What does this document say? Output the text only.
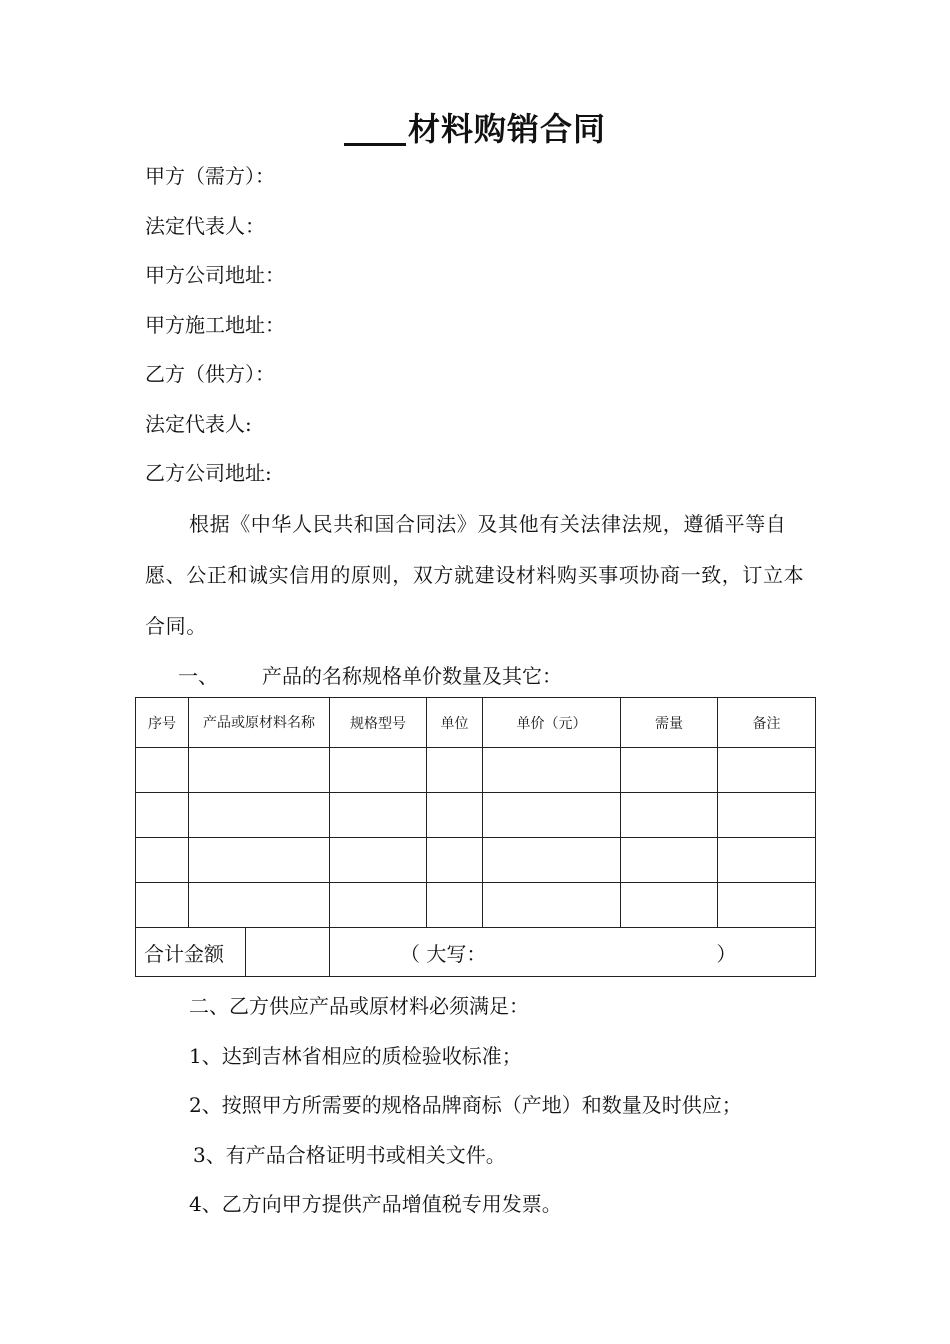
材料购销合同
甲方（需方）：
法定代表人：
甲方公司地址：
甲方施工地址：
乙方（供方）：
法定代表人:
乙方公司地址:
根据《中华人民共和国合同法》及其他有关法律法规，遵循平等自愿、公正和诚实信用的原则，双方就建设材料购买事项协商一致，订立本合同。
一、 产品的名称规格单价数量及其它：
序号	产品或原材料名称	规格型号	单位	单价（元）	需量	备注

合计金额		（ 大写： ）				
二、乙方供应产品或原材料必须满足：
1、达到吉林省相应的质检验收标准；
2、按照甲方所需要的规格品牌商标（产地）和数量及时供应；
3、有产品合格证明书或相关文件。
4、乙方向甲方提供产品增值税专用发票。
